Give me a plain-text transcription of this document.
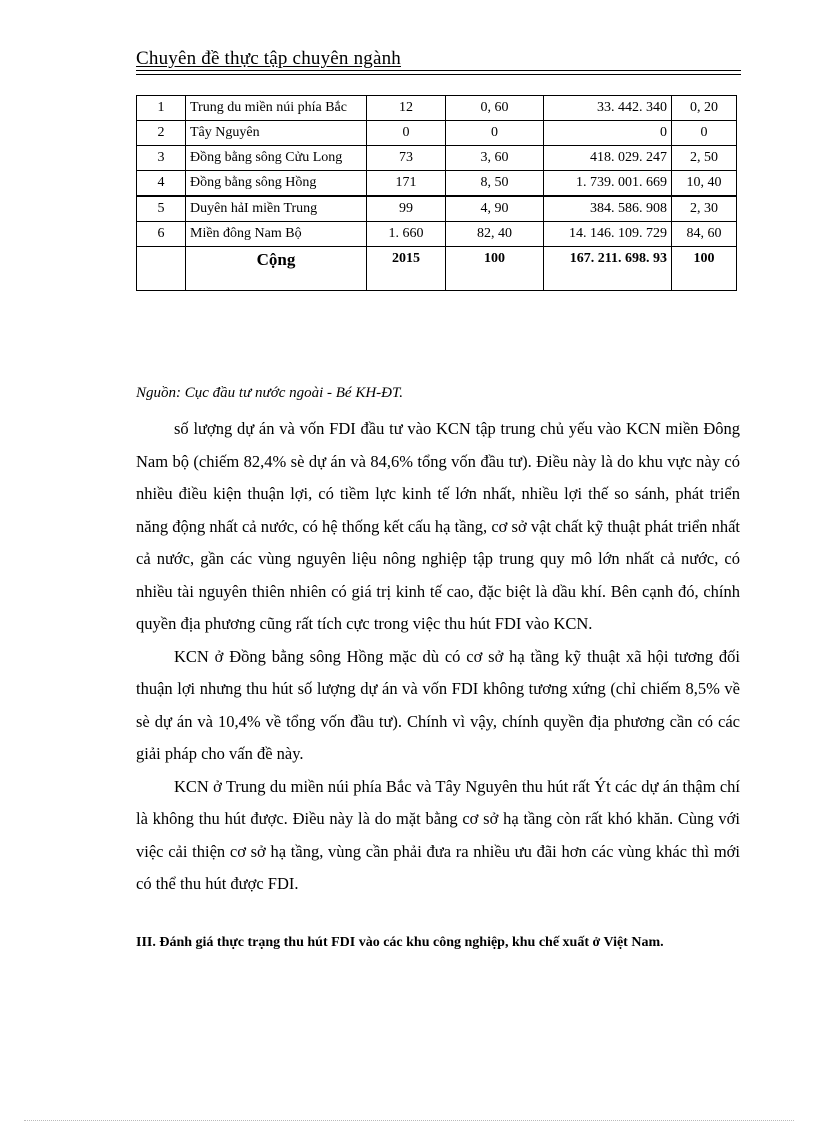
Chuyên đề thực tập chuyên ngành
1	Trung du miền núi phía Bắc	12	0, 60	33. 442. 340	0, 20
2	Tây Nguyên	0	0	0	0
3	Đồng bằng sông Cửu Long	73	3, 60	418. 029. 247	2, 50
4	Đồng bằng sông Hồng	171	8, 50	1. 739. 001. 669	10, 40
5	Duyên hảI miền Trung	99	4, 90	384. 586. 908	2, 30
6	Miền đông Nam Bộ	1. 660	82, 40	14. 146. 109. 729	84, 60
	Cộng	2015	100	167. 211. 698. 93	100
Nguồn: Cục đầu tư nước ngoài - Bé KH-ĐT.

số lượng dự án và vốn FDI đầu tư vào KCN tập trung chủ yếu vào KCN miền Đông Nam bộ (chiếm 82,4% sè dự án và 84,6% tổng vốn đầu tư). Điều này là do khu vực này có nhiều điều kiện thuận lợi, có tiềm lực kinh tế lớn nhất, nhiều lợi thế so sánh, phát triển năng động nhất cả nước, có hệ thống kết cấu hạ tầng, cơ sở vật chất kỹ thuật phát triển nhất cả nước, gần các vùng nguyên liệu nông nghiệp tập trung quy mô lớn nhất cả nước, có nhiều tài nguyên thiên nhiên có giá trị kinh tế cao, đặc biệt là dầu khí. Bên cạnh đó, chính quyền địa phương cũng rất tích cực trong việc thu hút FDI vào KCN.

KCN ở Đồng bằng sông Hồng mặc dù có cơ sở hạ tầng kỹ thuật xã hội tương đối thuận lợi nhưng thu hút số lượng dự án và vốn FDI không tương xứng (chỉ chiếm 8,5% về sè dự án và 10,4% về tổng vốn đầu tư). Chính vì vậy, chính quyền địa phương cần có các giải pháp cho vấn đề này.

KCN ở Trung du miền núi phía Bắc và Tây Nguyên thu hút rất Ýt các dự án thậm chí là không thu hút được. Điều này là do mặt bằng cơ sở hạ tầng còn rất khó khăn. Cùng với việc cải thiện cơ sở hạ tầng, vùng cần phải đưa ra nhiều ưu đãi hơn các vùng khác thì mới có thể thu hút được FDI.

III. Đánh giá thực trạng thu hút FDI vào các khu công nghiệp, khu chế xuất ở Việt Nam.
